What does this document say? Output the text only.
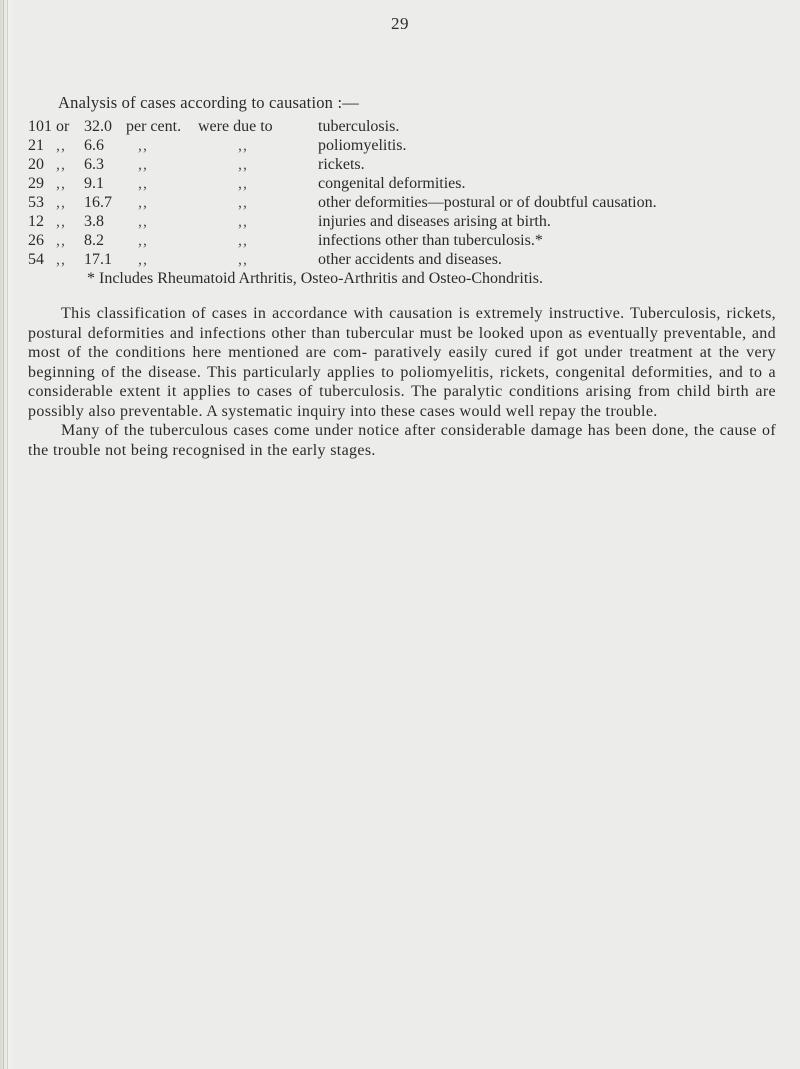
29
Analysis of cases according to causation :—
101 or 32.0 per cent. were due to	tuberculosis.
21 ,, 6.6 ,,	,,	poliomyelitis.
20 ,, 6.3 ,,	,,	rickets.
29 ,, 9.1 ,,	,,	congenital deformities.
53 ,, 16.7 ,,	,,	other deformities—postural or of doubtful causation.
12 ,, 3.8 ,,	,,	injuries and diseases arising at birth.
26 ,, 8.2 ,,	,,	infections other than tuberculosis.*
54 ,, 17.1 ,,	,,	other accidents and diseases.
* Includes Rheumatoid Arthritis, Osteo-Arthritis and Osteo-Chondritis.

This classification of cases in accordance with causation is extremely instructive. Tuberculosis, rickets, postural deformities and infections other than tubercular must be looked upon as eventually preventable, and most of the conditions here mentioned are com- paratively easily cured if got under treatment at the very beginning of the disease. This particularly applies to poliomyelitis, rickets, congenital deformities, and to a considerable extent it applies to cases of tuberculosis. The paralytic conditions arising from child birth are possibly also preventable. A systematic inquiry into these cases would well repay the trouble.

Many of the tuberculous cases come under notice after considerable damage has been done, the cause of the trouble not being recognised in the early stages.
